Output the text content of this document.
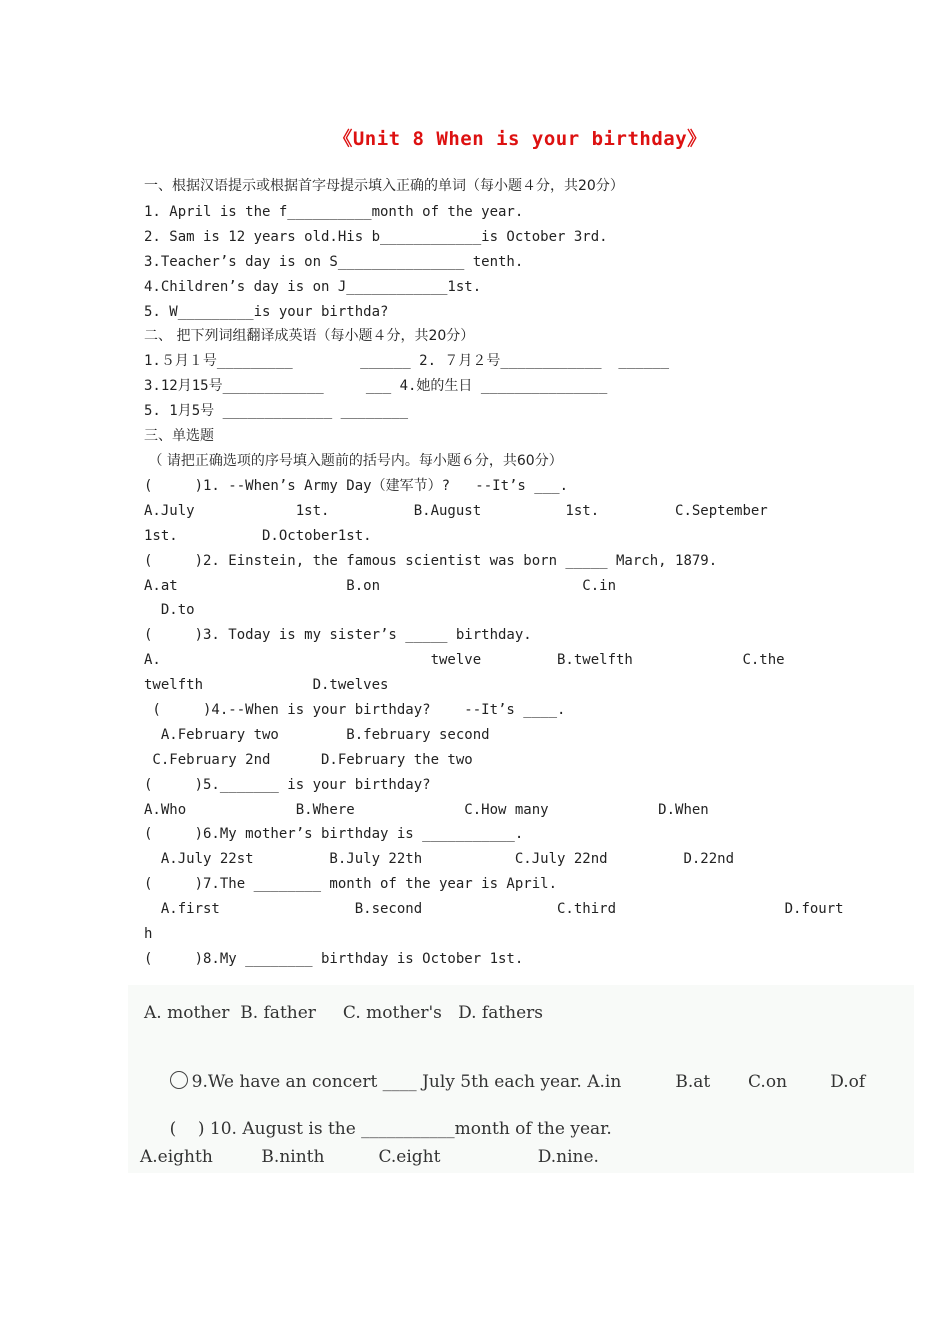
《Unit 8 When is your birthday》
一、根据汉语提示或根据首字母提示填入正确的单词（每小题４分，共20分）
1. April is the f__________month of the year.
2. Sam is 12 years old.His b____________is October 3rd.
3.Teacher’s day is on S_______________ tenth.
4.Children’s day is on J____________1st.
5. W_________is your birthda?
二、 把下列词组翻译成英语（每小题４分，共20分）
1.５月１号_________        ______ 2. ７月２号____________  ______
3.12月15号____________     ___ 4.她的生日 _______________
5. 1月5号 _____________ ________
三、单选题
（ 请把正确选项的序号填入题前的括号内。每小题６分，共60分）
(     )1. --When’s Army Day（建军节）?   --It’s ___.
A.July            1st.          B.August          1st.         C.September
1st.          D.October1st.
(     )2. Einstein, the famous scientist was born _____ March, 1879.
A.at                    B.on                        C.in
D.to
(     )3. Today is my sister’s _____ birthday.
A.                                twelve         B.twelfth             C.the
twelfth             D.twelves
(     )4.--When is your birthday?    --It’s ____.
A.February two        B.february second
C.February 2nd      D.February the two
(     )5._______ is your birthday?
A.Who             B.Where             C.How many             D.When
(     )6.My mother’s birthday is ___________.
A.July 22st         B.July 22th           C.July 22nd         D.22nd
(     )7.The ________ month of the year is April.
A.first                B.second                C.third                    D.fourt
h
(     )8.My ________ birthday is October 1st.
A. mother  B. father     C. mother's   D. fathers

9.We have an concert ____ July 5th each year. A.in          B.at       C.on        D.of

(    ) 10. August is the ___________month of the year.

A.eighth         B.ninth          C.eight                  D.nine.
